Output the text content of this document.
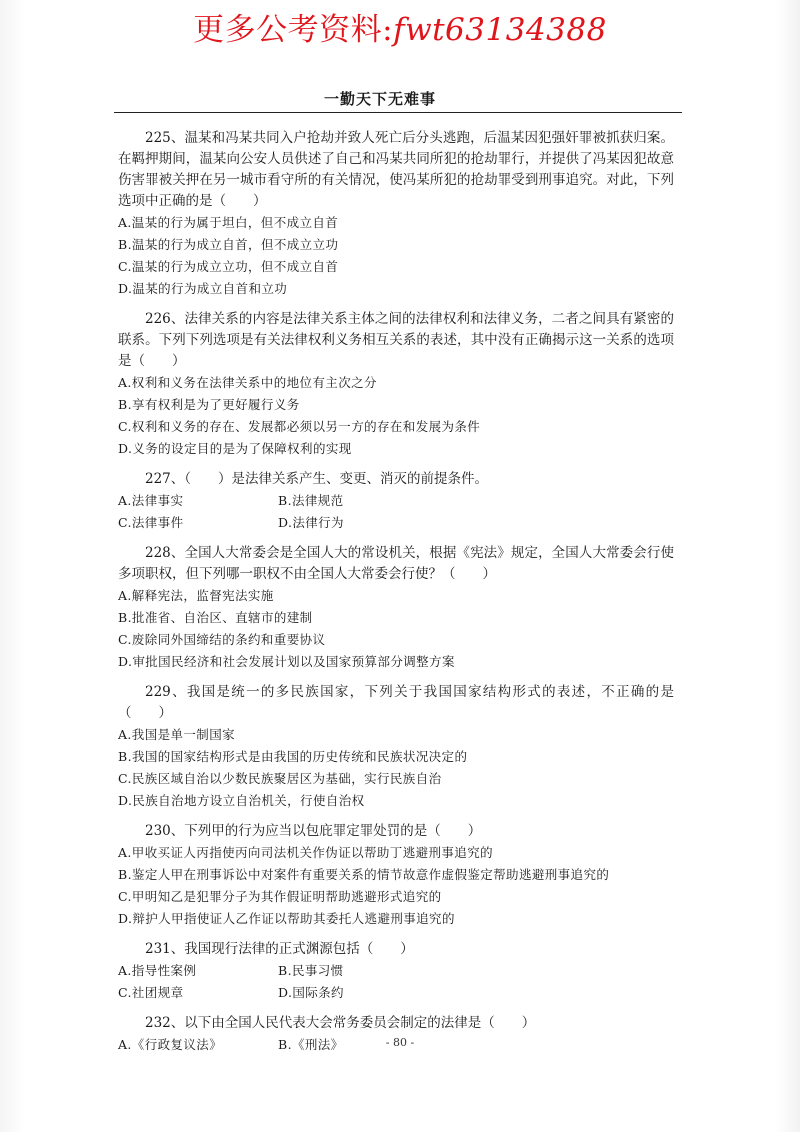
更多公考资料:fwt63134388
一勤天下无难事
225、温某和冯某共同入户抢劫并致人死亡后分头逃跑，后温某因犯强奸罪被抓获归案。在羁押期间，温某向公安人员供述了自己和冯某共同所犯的抢劫罪行，并提供了冯某因犯故意伤害罪被关押在另一城市看守所的有关情况，使冯某所犯的抢劫罪受到刑事追究。对此，下列选项中正确的是（　　）
A.温某的行为属于坦白，但不成立自首
B.温某的行为成立自首，但不成立立功
C.温某的行为成立立功，但不成立自首
D.温某的行为成立自首和立功
226、法律关系的内容是法律关系主体之间的法律权利和法律义务，二者之间具有紧密的联系。下列下列选项是有关法律权利义务相互关系的表述，其中没有正确揭示这一关系的选项是（　　）
A.权利和义务在法律关系中的地位有主次之分
B.享有权利是为了更好履行义务
C.权利和义务的存在、发展都必须以另一方的存在和发展为条件
D.义务的设定目的是为了保障权利的实现
227、（　　）是法律关系产生、变更、消灭的前提条件。
A.法律事实	B.法律规范
C.法律事件	D.法律行为
228、全国人大常委会是全国人大的常设机关，根据《宪法》规定，全国人大常委会行使多项职权，但下列哪一职权不由全国人大常委会行使？（　　）
A.解释宪法，监督宪法实施
B.批准省、自治区、直辖市的建制
C.废除同外国缔结的条约和重要协议
D.审批国民经济和社会发展计划以及国家预算部分调整方案
229、我国是统一的多民族国家，下列关于我国国家结构形式的表述，不正确的是（　　）
A.我国是单一制国家
B.我国的国家结构形式是由我国的历史传统和民族状况决定的
C.民族区域自治以少数民族聚居区为基础，实行民族自治
D.民族自治地方设立自治机关，行使自治权
230、下列甲的行为应当以包庇罪定罪处罚的是（　　）
A.甲收买证人丙指使丙向司法机关作伪证以帮助丁逃避刑事追究的
B.鉴定人甲在刑事诉讼中对案件有重要关系的情节故意作虚假鉴定帮助逃避刑事追究的
C.甲明知乙是犯罪分子为其作假证明帮助逃避形式追究的
D.辩护人甲指使证人乙作证以帮助其委托人逃避刑事追究的
231、我国现行法律的正式渊源包括（　　）
A.指导性案例	B.民事习惯
C.社团规章	D.国际条约
232、以下由全国人民代表大会常务委员会制定的法律是（　　）
A.《行政复议法》	B.《刑法》	- 80 -
